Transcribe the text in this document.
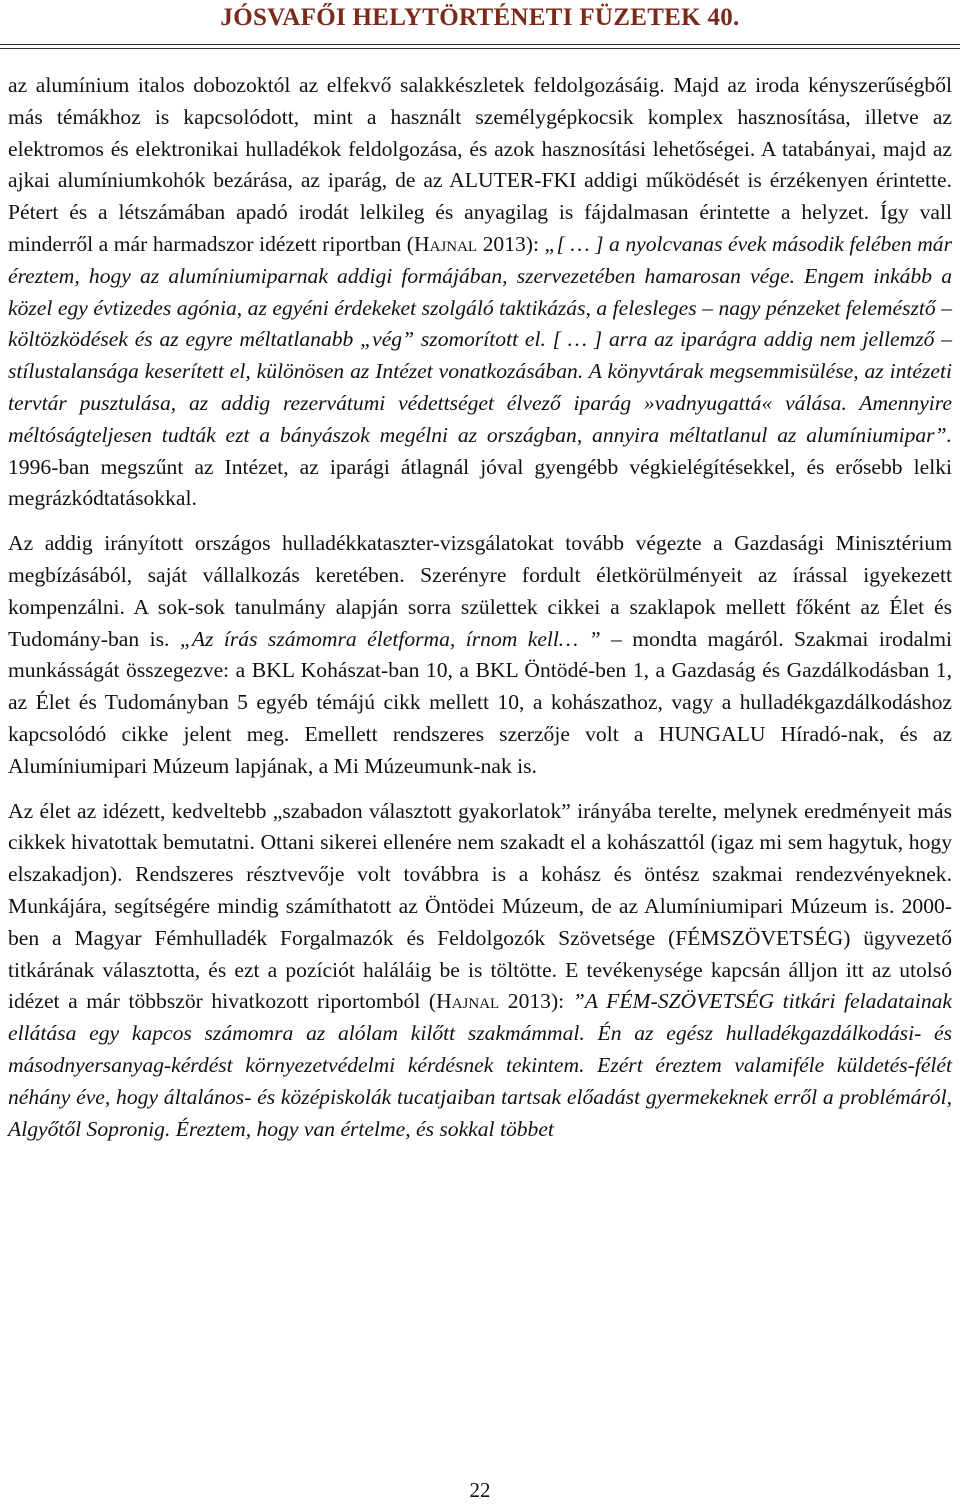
JÓSVAFŐI HELYTÖRTÉNETI FÜZETEK 40.

az alumínium italos dobozoktól az elfekvő salakkészletek feldolgozásáig. Majd az iroda kényszerűségből más témákhoz is kapcsolódott, mint a használt személygépkocsik komplex hasznosítása, illetve az elektromos és elektronikai hulladékok feldolgozása, és azok hasznosítási lehetőségei. A tatabányai, majd az ajkai alumíniumkohók bezárása, az iparág, de az ALUTER-FKI addigi működését is érzékenyen érintette. Pétert és a létszámában apadó irodát lelkileg és anyagilag is fájdalmasan érintette a helyzet. Így vall minderről a már harmadszor idézett riportban (Hajnal 2013): „[ … ] a nyolcvanas évek második felében már éreztem, hogy az alumíniumiparnak addigi formájában, szervezetében hamarosan vége. Engem inkább a közel egy évtizedes agónia, az egyéni érdekeket szolgáló taktikázás, a felesleges – nagy pénzeket felemésztő – költözködések és az egyre méltatlanabb „vég” szomorított el. [ … ] arra az iparágra addig nem jellemző – stílustalansága keserített el, különösen az Intézet vonatkozásában. A könyvtárak megsemmisülése, az intézeti tervtár pusztulása, az addig rezervátumi védettséget élvező iparág »vadnyugattá« válása. Amennyire méltóságteljesen tudták ezt a bányászok megélni az országban, annyira méltatlanul az alumíniumipar”. 1996-ban megszűnt az Intézet, az iparági átlagnál jóval gyengébb végkielégítésekkel, és erősebb lelki megrázkódtatásokkal.

Az addig irányított országos hulladékkataszter-vizsgálatokat tovább végezte a Gazdasági Minisztérium megbízásából, saját vállalkozás keretében. Szerényre fordult életkörülményeit az írással igyekezett kompenzálni. A sok-sok tanulmány alapján sorra születtek cikkei a szaklapok mellett főként az Élet és Tudomány-ban is. „Az írás számomra életforma, írnom kell… ” – mondta magáról. Szakmai irodalmi munkásságát összegezve: a BKL Kohászat-ban 10, a BKL Öntödé-ben 1, a Gazdaság és Gazdálkodásban 1, az Élet és Tudományban 5 egyéb témájú cikk mellett 10, a kohászathoz, vagy a hulladékgazdálkodáshoz kapcsolódó cikke jelent meg. Emellett rendszeres szerzője volt a HUNGALU Híradó-nak, és az Alumíniumipari Múzeum lapjának, a Mi Múzeumunk-nak is.

Az élet az idézett, kedveltebb „szabadon választott gyakorlatok” irányába terelte, melynek eredményeit más cikkek hivatottak bemutatni. Ottani sikerei ellenére nem szakadt el a kohászattól (igaz mi sem hagytuk, hogy elszakadjon). Rendszeres résztvevője volt továbbra is a kohász és öntész szakmai rendezvényeknek. Munkájára, segítségére mindig számíthatott az Öntödei Múzeum, de az Alumíniumipari Múzeum is. 2000-ben a Magyar Fémhulladék Forgalmazók és Feldolgozók Szövetsége (FÉMSZÖVETSÉG) ügyvezető titkárának választotta, és ezt a pozíciót haláláig be is töltötte. E tevékenysége kapcsán álljon itt az utolsó idézet a már többször hivatkozott riportomból (Hajnal 2013): ”A FÉM-SZÖVETSÉG titkári feladatainak ellátása egy kapcos számomra az alólam kilőtt szakmámmal. Én az egész hulladékgazdálkodási- és másodnyersanyag-kérdést környezetvédelmi kérdésnek tekintem. Ezért éreztem valamiféle küldetés-félét néhány éve, hogy általános- és középiskolák tucatjaiban tartsak előadást gyermekeknek erről a problémáról, Algyőtől Sopronig. Éreztem, hogy van értelme, és sokkal többet

22
